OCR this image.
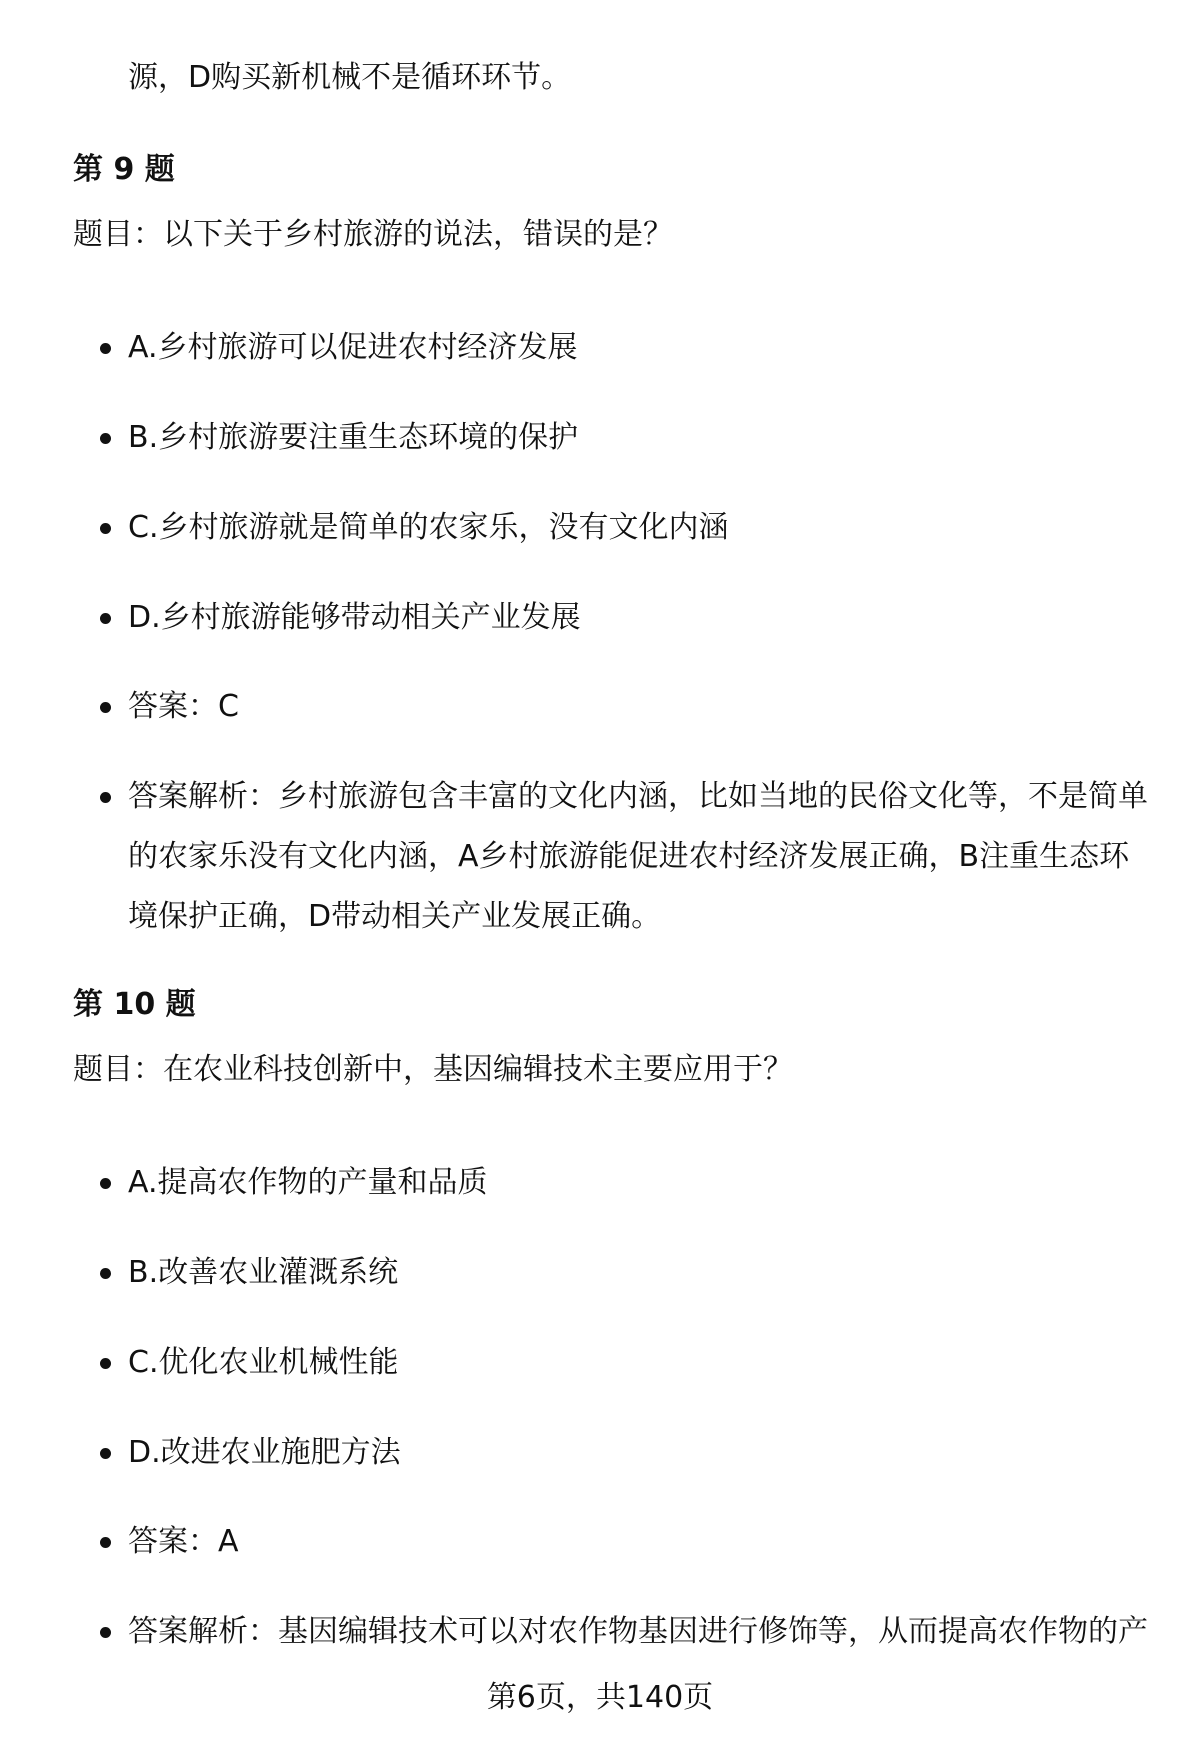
源，D购买新机械不是循环环节。
第 9 题
题目：以下关于乡村旅游的说法，错误的是？
A.乡村旅游可以促进农村经济发展
B.乡村旅游要注重生态环境的保护
C.乡村旅游就是简单的农家乐，没有文化内涵
D.乡村旅游能够带动相关产业发展
答案：C
答案解析：乡村旅游包含丰富的文化内涵，比如当地的民俗文化等，不是简单的农家乐没有文化内涵，A乡村旅游能促进农村经济发展正确，B注重生态环境保护正确，D带动相关产业发展正确。
第 10 题
题目：在农业科技创新中，基因编辑技术主要应用于？
A.提高农作物的产量和品质
B.改善农业灌溉系统
C.优化农业机械性能
D.改进农业施肥方法
答案：A
答案解析：基因编辑技术可以对农作物基因进行修饰等，从而提高农作物的产
第6页，共140页
